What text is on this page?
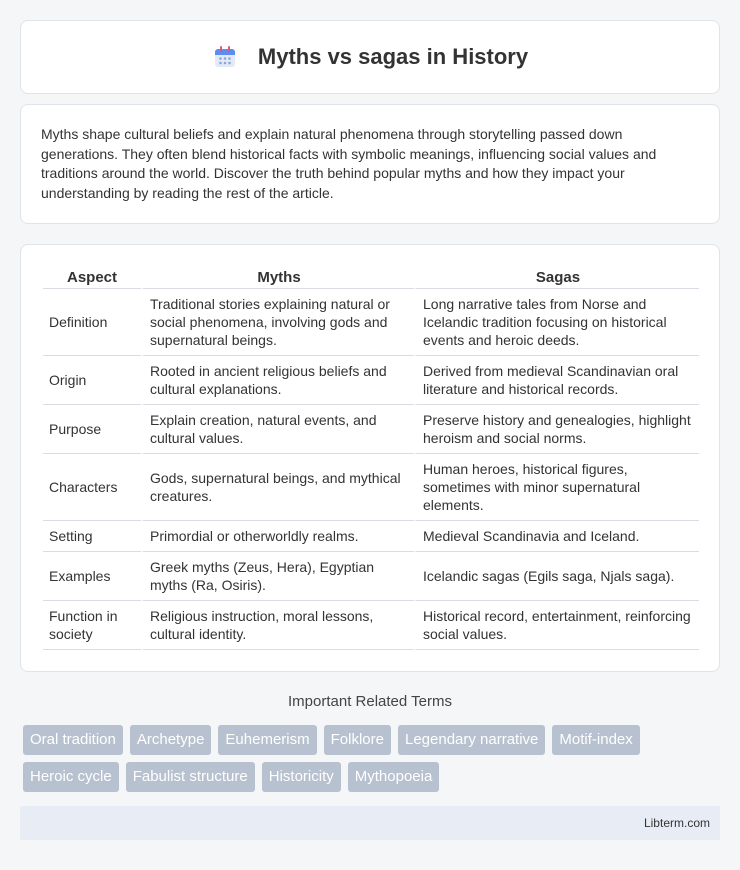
Myths vs sagas in History

Myths shape cultural beliefs and explain natural phenomena through storytelling passed down generations. They often blend historical facts with symbolic meanings, influencing social values and traditions around the world. Discover the truth behind popular myths and how they impact your understanding by reading the rest of the article.

Aspect	Myths	Sagas
Definition	Traditional stories explaining natural or social phenomena, involving gods and supernatural beings.	Long narrative tales from Norse and Icelandic tradition focusing on historical events and heroic deeds.
Origin	Rooted in ancient religious beliefs and cultural explanations.	Derived from medieval Scandinavian oral literature and historical records.
Purpose	Explain creation, natural events, and cultural values.	Preserve history and genealogies, highlight heroism and social norms.
Characters	Gods, supernatural beings, and mythical creatures.	Human heroes, historical figures, sometimes with minor supernatural elements.
Setting	Primordial or otherworldly realms.	Medieval Scandinavia and Iceland.
Examples	Greek myths (Zeus, Hera), Egyptian myths (Ra, Osiris).	Icelandic sagas (Egils saga, Njals saga).
Function in society	Religious instruction, moral lessons, cultural identity.	Historical record, entertainment, reinforcing social values.
Important Related Terms
Oral tradition	Archetype	Euhemerism	Folklore	Legendary narrative	Motif-index
Heroic cycle	Fabulist structure	Historicity	Mythopoeia
Libterm.com
